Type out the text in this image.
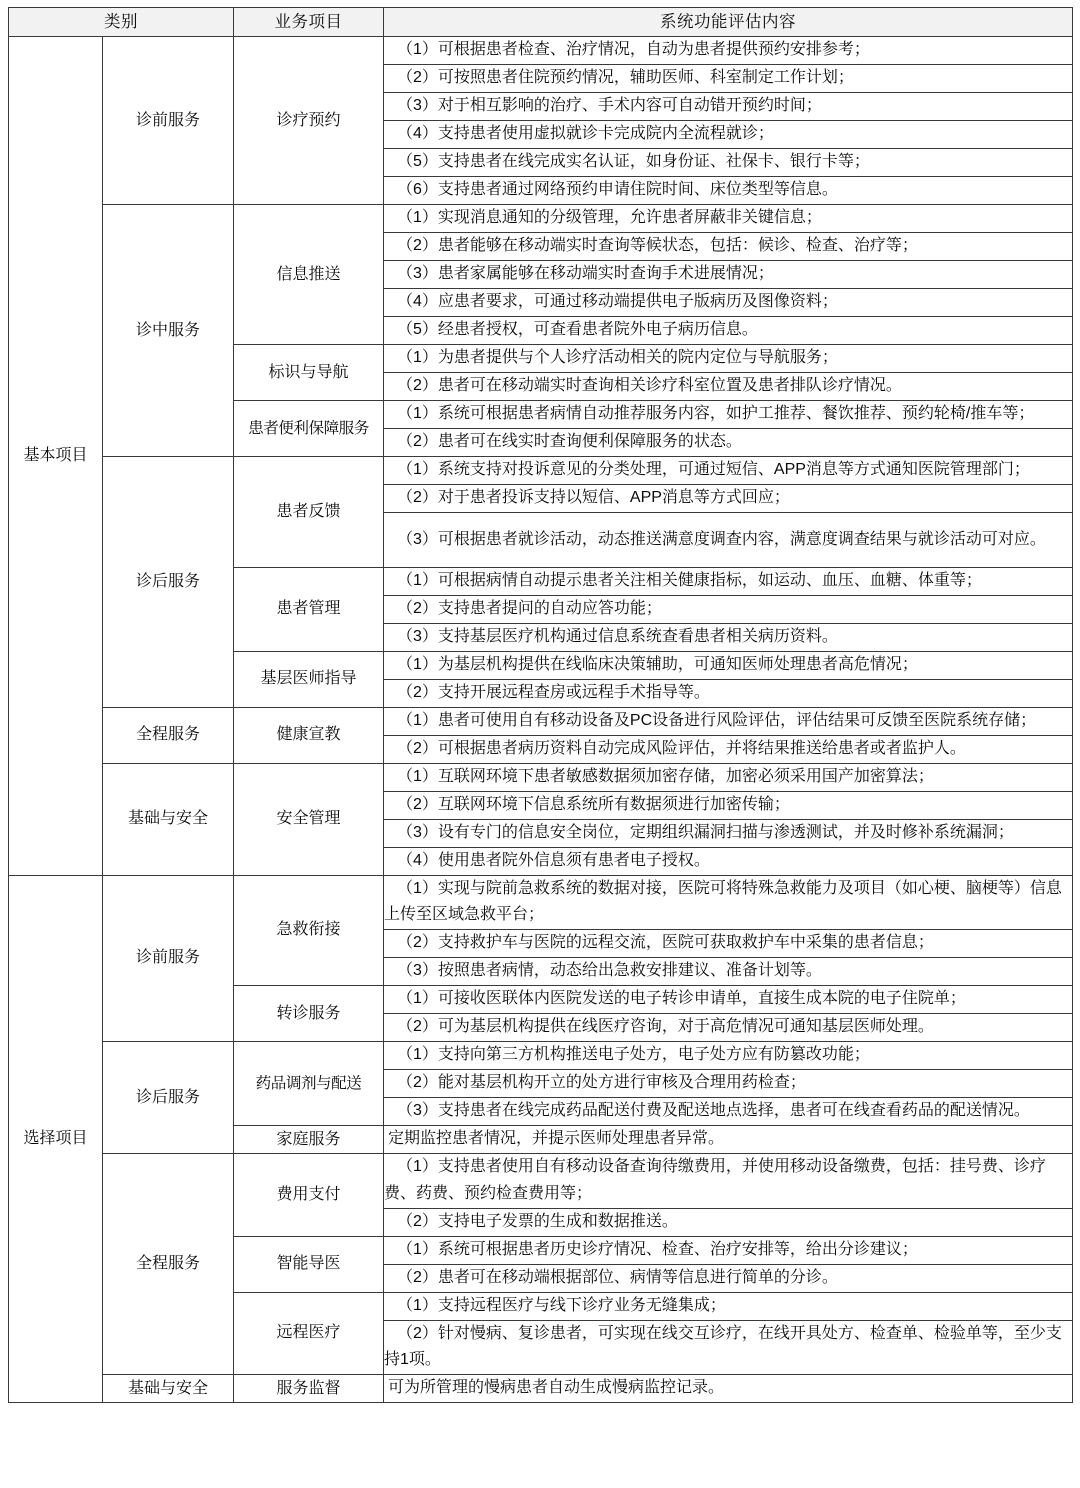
类别		业务项目	系统功能评估内容
基本项目	诊前服务	诊疗预约	（1）可根据患者检查、治疗情况，自动为患者提供预约安排参考；
			（2）可按照患者住院预约情况，辅助医师、科室制定工作计划；
			（3）对于相互影响的治疗、手术内容可自动错开预约时间；
			（4）支持患者使用虚拟就诊卡完成院内全流程就诊；
			（5）支持患者在线完成实名认证，如身份证、社保卡、银行卡等；
			（6）支持患者通过网络预约申请住院时间、床位类型等信息。
	诊中服务	信息推送	（1）实现消息通知的分级管理，允许患者屏蔽非关键信息；
			（2）患者能够在移动端实时查询等候状态，包括：候诊、检查、治疗等；
			（3）患者家属能够在移动端实时查询手术进展情况；
			（4）应患者要求，可通过移动端提供电子版病历及图像资料；
			（5）经患者授权，可查看患者院外电子病历信息。
		标识与导航	（1）为患者提供与个人诊疗活动相关的院内定位与导航服务；
			（2）患者可在移动端实时查询相关诊疗科室位置及患者排队诊疗情况。
		患者便利保障服务	（1）系统可根据患者病情自动推荐服务内容，如护工推荐、餐饮推荐、预约轮椅/推车等；
			（2）患者可在线实时查询便利保障服务的状态。
	诊后服务	患者反馈	（1）系统支持对投诉意见的分类处理，可通过短信、APP消息等方式通知医院管理部门；
			（2）对于患者投诉支持以短信、APP消息等方式回应；
			（3）可根据患者就诊活动，动态推送满意度调查内容，满意度调查结果与就诊活动可对应。
		患者管理	（1）可根据病情自动提示患者关注相关健康指标，如运动、血压、血糖、体重等；
			（2）支持患者提问的自动应答功能；
			（3）支持基层医疗机构通过信息系统查看患者相关病历资料。
		基层医师指导	（1）为基层机构提供在线临床决策辅助，可通知医师处理患者高危情况；
			（2）支持开展远程查房或远程手术指导等。
	全程服务	健康宣教	（1）患者可使用自有移动设备及PC设备进行风险评估，评估结果可反馈至医院系统存储；
			（2）可根据患者病历资料自动完成风险评估，并将结果推送给患者或者监护人。
	基础与安全	安全管理	（1）互联网环境下患者敏感数据须加密存储，加密必须采用国产加密算法；
			（2）互联网环境下信息系统所有数据须进行加密传输；
			（3）设有专门的信息安全岗位，定期组织漏洞扫描与渗透测试，并及时修补系统漏洞；
			（4）使用患者院外信息须有患者电子授权。
选择项目	诊前服务	急救衔接	（1）实现与院前急救系统的数据对接，医院可将特殊急救能力及项目（如心梗、脑梗等）信息上传至区域急救平台；
			（2）支持救护车与医院的远程交流，医院可获取救护车中采集的患者信息；
			（3）按照患者病情，动态给出急救安排建议、准备计划等。
		转诊服务	（1）可接收医联体内医院发送的电子转诊申请单，直接生成本院的电子住院单；
			（2）可为基层机构提供在线医疗咨询，对于高危情况可通知基层医师处理。
	诊后服务	药品调剂与配送	（1）支持向第三方机构推送电子处方，电子处方应有防篡改功能；
			（2）能对基层机构开立的处方进行审核及合理用药检查；
			（3）支持患者在线完成药品配送付费及配送地点选择，患者可在线查看药品的配送情况。
		家庭服务	定期监控患者情况，并提示医师处理患者异常。
	全程服务	费用支付	（1）支持患者使用自有移动设备查询待缴费用，并使用移动设备缴费，包括：挂号费、诊疗费、药费、预约检查费用等；
			（2）支持电子发票的生成和数据推送。
		智能导医	（1）系统可根据患者历史诊疗情况、检查、治疗安排等，给出分诊建议；
			（2）患者可在移动端根据部位、病情等信息进行简单的分诊。
		远程医疗	（1）支持远程医疗与线下诊疗业务无缝集成；
			（2）针对慢病、复诊患者，可实现在线交互诊疗，在线开具处方、检查单、检验单等，至少支持1项。
	基础与安全	服务监督	可为所管理的慢病患者自动生成慢病监控记录。
